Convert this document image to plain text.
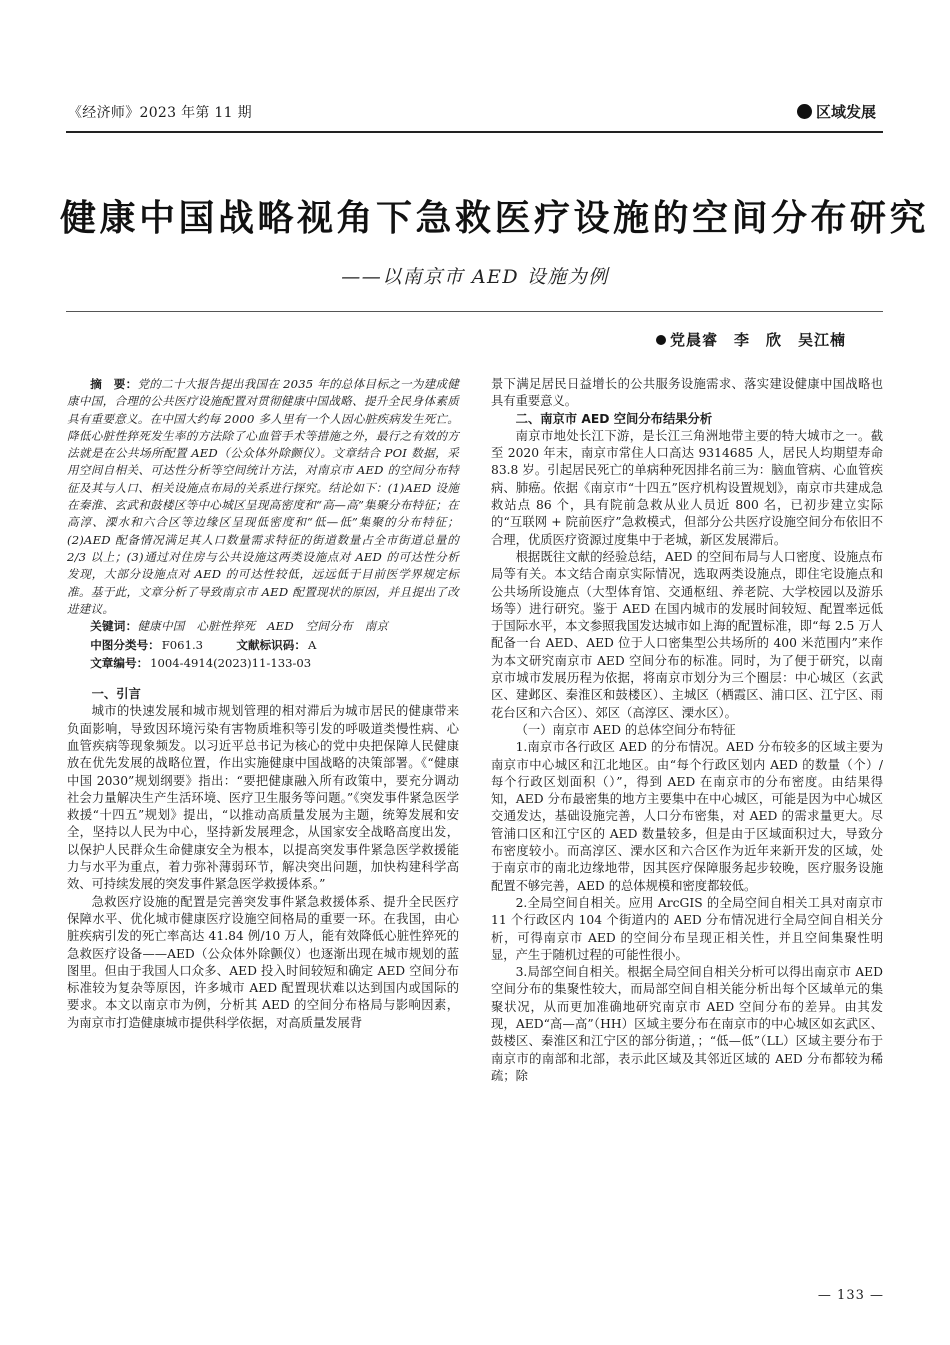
《经济师》2023 年第 11 期	区域发展
健康中国战略视角下急救医疗设施的空间分布研究
——以南京市 AED 设施为例
党晨睿　李　欣　吴江楠

摘　要：党的二十大报告提出我国在 2035 年的总体目标之一为建成健康中国，合理的公共医疗设施配置对贯彻健康中国战略、提升全民身体素质具有重要意义。在中国大约每 2000 多人里有一个人因心脏疾病发生死亡。降低心脏性猝死发生率的方法除了心血管手术等措施之外，最行之有效的方法就是在公共场所配置 AED（公众体外除颤仪）。文章结合 POI 数据，采用空间自相关、可达性分析等空间统计方法，对南京市 AED 的空间分布特征及其与人口、相关设施点布局的关系进行探究。结论如下：(1)AED 设施在秦淮、玄武和鼓楼区等中心城区呈现高密度和“高—高”集聚分布特征；在高淳、溧水和六合区等边缘区呈现低密度和“低—低”集聚的分布特征；(2)AED 配备情况满足其人口数量需求特征的街道数量占全市街道总量的 2/3 以上；(3)通过对住房与公共设施这两类设施点对 AED 的可达性分析发现，大部分设施点对 AED 的可达性较低，远远低于目前医学界规定标准。基于此，文章分析了导致南京市 AED 配置现状的原因，并且提出了改进建议。

关键词：健康中国　心脏性猝死　AED　空间分布　南京

中图分类号： F061.3	文献标识码： A

文章编号： 1004-4914(2023)11-133-03

一、引言

城市的快速发展和城市规划管理的相对滞后为城市居民的健康带来负面影响，导致因环境污染有害物质堆积等引发的呼吸道类慢性病、心血管疾病等现象频发。以习近平总书记为核心的党中央把保障人民健康放在优先发展的战略位置，作出实施健康中国战略的决策部署。《“健康中国 2030”规划纲要》指出：“要把健康融入所有政策中，要充分调动社会力量解决生产生活环境、医疗卫生服务等问题。”《突发事件紧急医学救援“十四五”规划》提出，“以推动高质量发展为主题，统筹发展和安全，坚持以人民为中心，坚持新发展理念，从国家安全战略高度出发，以保护人民群众生命健康安全为根本，以提高突发事件紧急医学救援能力与水平为重点，着力弥补薄弱环节，解决突出问题，加快构建科学高效、可持续发展的突发事件紧急医学救援体系。”

急救医疗设施的配置是完善突发事件紧急救援体系、提升全民医疗保障水平、优化城市健康医疗设施空间格局的重要一环。在我国，由心脏疾病引发的死亡率高达 41.84 例/10 万人，能有效降低心脏性猝死的急救医疗设备——AED（公众体外除颤仪）也逐渐出现在城市规划的蓝图里。但由于我国人口众多、AED 投入时间较短和确定 AED 空间分布标准较为复杂等原因，许多城市 AED 配置现状难以达到国内或国际的要求。本文以南京市为例，分析其 AED 的空间分布格局与影响因素，为南京市打造健康城市提供科学依据，对高质量发展背

景下满足居民日益增长的公共服务设施需求、落实建设健康中国战略也具有重要意义。

二、南京市 AED 空间分布结果分析

南京市地处长江下游，是长江三角洲地带主要的特大城市之一。截至 2020 年末，南京市常住人口高达 9314685 人，居民人均期望寿命 83.8 岁。引起居民死亡的单病种死因排名前三为：脑血管病、心血管疾病、肺癌。依据《南京市“十四五”医疗机构设置规划》，南京市共建成急救站点 86 个，具有院前急救从业人员近 800 名，已初步建立实际的“互联网 + 院前医疗”急救模式，但部分公共医疗设施空间分布依旧不合理，优质医疗资源过度集中于老城，新区发展滞后。

根据既往文献的经验总结，AED 的空间布局与人口密度、设施点布局等有关。本文结合南京实际情况，选取两类设施点，即住宅设施点和公共场所设施点（大型体育馆、交通枢纽、养老院、大学校园以及游乐场等）进行研究。鉴于 AED 在国内城市的发展时间较短、配置率远低于国际水平，本文参照我国发达城市如上海的配置标准，即“每 2.5 万人配备一台 AED、AED 位于人口密集型公共场所的 400 米范围内”来作为本文研究南京市 AED 空间分布的标准。同时，为了便于研究，以南京市城市发展历程为依据，将南京市划分为三个圈层：中心城区（玄武区、建邺区、秦淮区和鼓楼区）、主城区（栖霞区、浦口区、江宁区、雨花台区和六合区）、郊区（高淳区、溧水区）。

（一）南京市 AED 的总体空间分布特征

1.南京市各行政区 AED 的分布情况。AED 分布较多的区域主要为南京市中心城区和江北地区。由“每个行政区划内 AED 的数量（个）/ 每个行政区划面积（）”，得到 AED 在南京市的分布密度。由结果得知，AED 分布最密集的地方主要集中在中心城区，可能是因为中心城区交通发达，基础设施完善，人口分布密集，对 AED 的需求量更大。尽管浦口区和江宁区的 AED 数量较多，但是由于区域面积过大，导致分布密度较小。而高淳区、溧水区和六合区作为近年来新开发的区域，处于南京市的南北边缘地带，因其医疗保障服务起步较晚，医疗服务设施配置不够完善，AED 的总体规模和密度都较低。

2.全局空间自相关。应用 ArcGIS 的全局空间自相关工具对南京市 11 个行政区内 104 个街道内的 AED 分布情况进行全局空间自相关分析，可得南京市 AED 的空间分布呈现正相关性，并且空间集聚性明显，产生于随机过程的可能性很小。

3.局部空间自相关。根据全局空间自相关分析可以得出南京市 AED 空间分布的集聚性较大，而局部空间自相关能分析出每个区域单元的集聚状况，从而更加准确地研究南京市 AED 空间分布的差异。由其发现，AED“高—高”（HH）区域主要分布在南京市的中心城区如玄武区、鼓楼区、秦淮区和江宁区的部分街道，；“低—低”（LL）区域主要分布于南京市的南部和北部，表示此区域及其邻近区域的 AED 分布都较为稀疏；除

— 133 —
